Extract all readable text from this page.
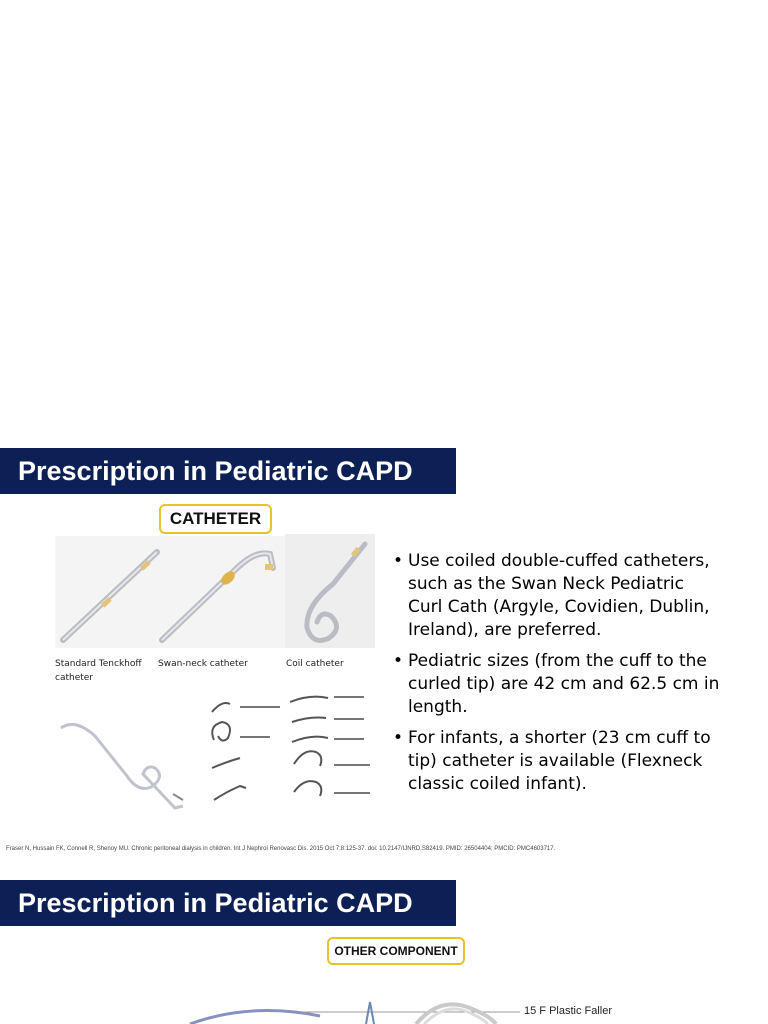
Prescription in Pediatric CAPD
CATHETER
Standard Tenckhoff catheter
Swan-neck catheter	Coil catheter
• Use coiled double-cuffed catheters, such as the Swan Neck Pediatric Curl Cath (Argyle, Covidien, Dublin, Ireland), are preferred.
• Pediatric sizes (from the cuff to the curled tip) are 42 cm and 62.5 cm in length.
• For infants, a shorter (23 cm cuff to tip) catheter is available (Flexneck classic coiled infant).
Fraser N, Hussain FK, Connell R, Shenoy MU. Chronic peritoneal dialysis in children. Int J Nephrol Renovasc Dis. 2015 Oct 7;8:125-37. doi: 10.2147/IJNRD.S82419. PMID: 26504404; PMCID: PMC4603717.
Prescription in Pediatric CAPD
OTHER COMPONENT
15 F Plastic Faller
